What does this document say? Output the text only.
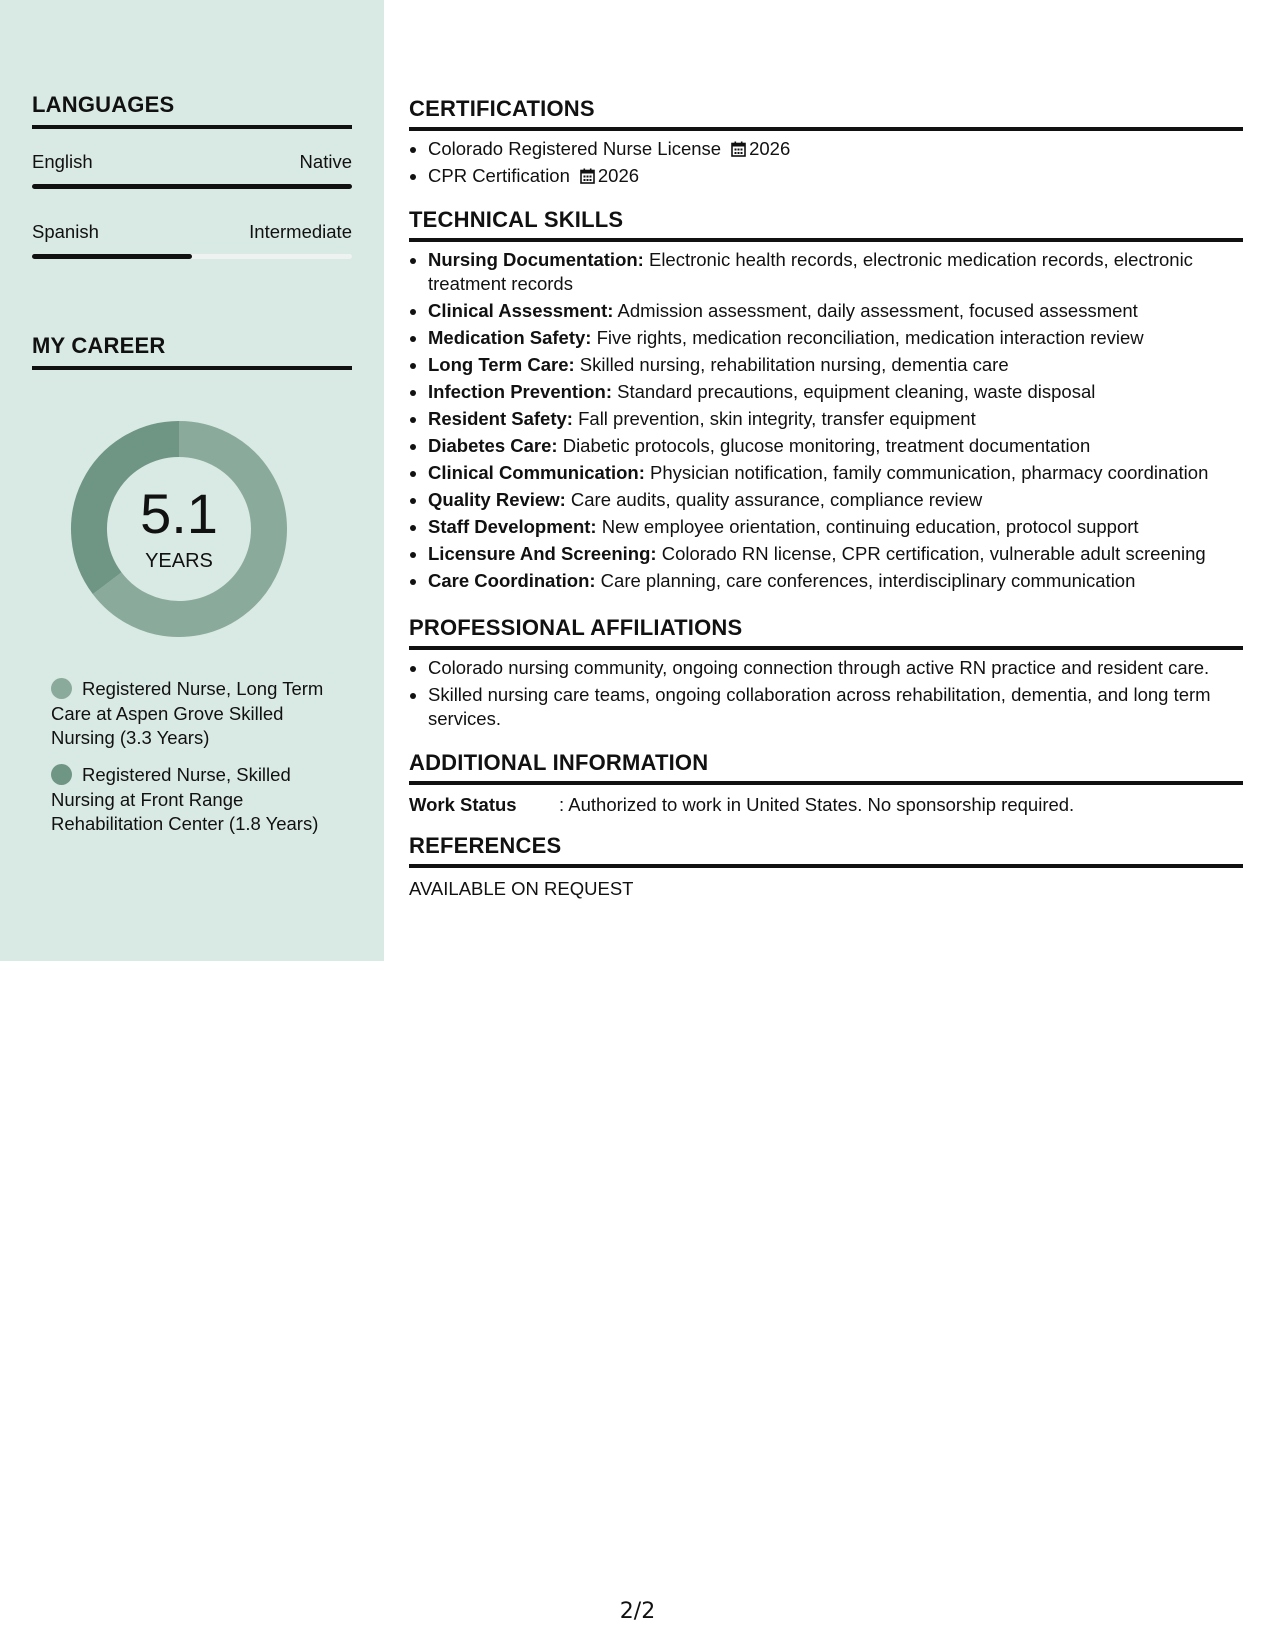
LANGUAGES
English	Native
Spanish	Intermediate
MY CAREER
5.1
YEARS
Registered Nurse, Long Term Care at Aspen Grove Skilled Nursing (3.3 Years)
Registered Nurse, Skilled Nursing at Front Range Rehabilitation Center (1.8 Years)
CERTIFICATIONS
• Colorado Registered Nurse License 2026
• CPR Certification 2026
TECHNICAL SKILLS
• Nursing Documentation: Electronic health records, electronic medication records, electronic treatment records
• Clinical Assessment: Admission assessment, daily assessment, focused assessment
• Medication Safety: Five rights, medication reconciliation, medication interaction review
• Long Term Care: Skilled nursing, rehabilitation nursing, dementia care
• Infection Prevention: Standard precautions, equipment cleaning, waste disposal
• Resident Safety: Fall prevention, skin integrity, transfer equipment
• Diabetes Care: Diabetic protocols, glucose monitoring, treatment documentation
• Clinical Communication: Physician notification, family communication, pharmacy coordination
• Quality Review: Care audits, quality assurance, compliance review
• Staff Development: New employee orientation, continuing education, protocol support
• Licensure And Screening: Colorado RN license, CPR certification, vulnerable adult screening
• Care Coordination: Care planning, care conferences, interdisciplinary communication
PROFESSIONAL AFFILIATIONS
• Colorado nursing community, ongoing connection through active RN practice and resident care.
• Skilled nursing care teams, ongoing collaboration across rehabilitation, dementia, and long term services.
ADDITIONAL INFORMATION
Work Status	: Authorized to work in United States. No sponsorship required.
REFERENCES
AVAILABLE ON REQUEST
2/2
